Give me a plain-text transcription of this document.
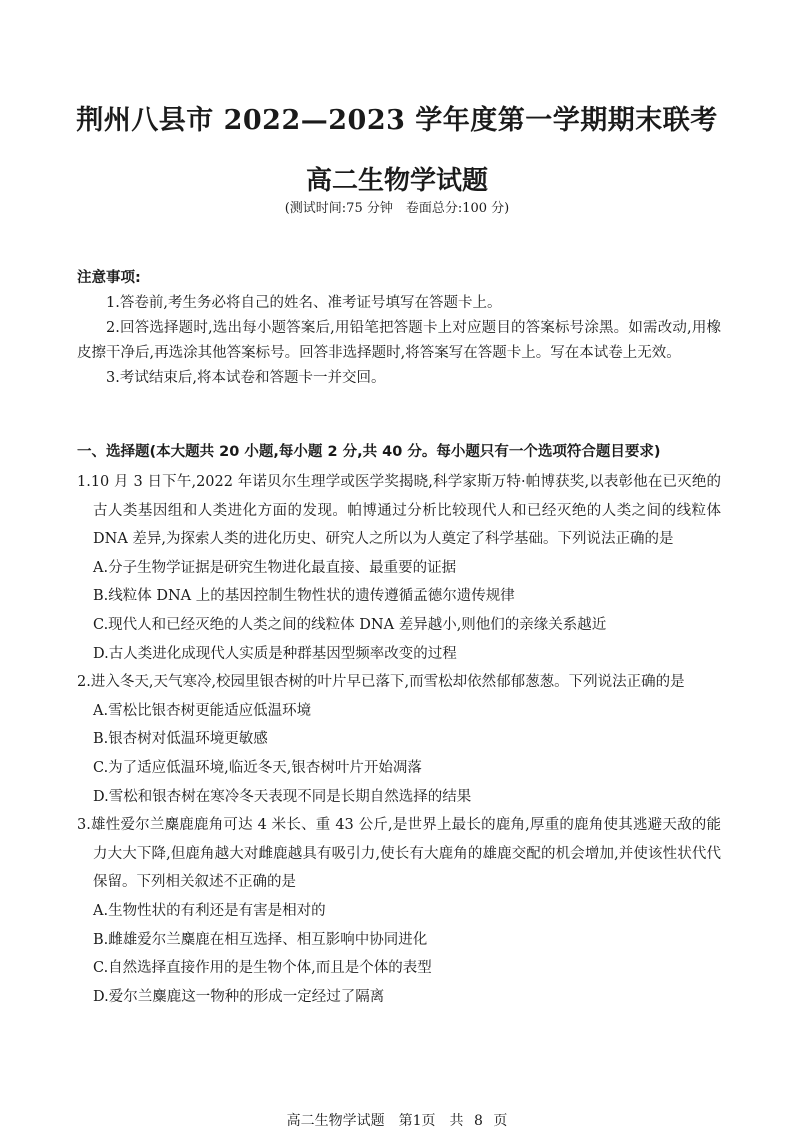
荆州八县市 2022—2023 学年度第一学期期末联考
高二生物学试题
(测试时间:75 分钟　卷面总分:100 分)
注意事项:

1.答卷前,考生务必将自己的姓名、准考证号填写在答题卡上。

2.回答选择题时,选出每小题答案后,用铅笔把答题卡上对应题目的答案标号涂黑。如需改动,用橡皮擦干净后,再选涂其他答案标号。回答非选择题时,将答案写在答题卡上。写在本试卷上无效。

3.考试结束后,将本试卷和答题卡一并交回。

一、选择题(本大题共 20 小题,每小题 2 分,共 40 分。每小题只有一个选项符合题目要求)
1.10 月 3 日下午,2022 年诺贝尔生理学或医学奖揭晓,科学家斯万特·帕博获奖,以表彰他在已灭绝的古人类基因组和人类进化方面的发现。帕博通过分析比较现代人和已经灭绝的人类之间的线粒体 DNA 差异,为探索人类的进化历史、研究人之所以为人奠定了科学基础。下列说法正确的是
A.分子生物学证据是研究生物进化最直接、最重要的证据
B.线粒体 DNA 上的基因控制生物性状的遗传遵循孟德尔遗传规律
C.现代人和已经灭绝的人类之间的线粒体 DNA 差异越小,则他们的亲缘关系越近
D.古人类进化成现代人实质是种群基因型频率改变的过程
2.进入冬天,天气寒冷,校园里银杏树的叶片早已落下,而雪松却依然郁郁葱葱。下列说法正确的是
A.雪松比银杏树更能适应低温环境
B.银杏树对低温环境更敏感
C.为了适应低温环境,临近冬天,银杏树叶片开始凋落
D.雪松和银杏树在寒冷冬天表现不同是长期自然选择的结果
3.雄性爱尔兰麋鹿鹿角可达 4 米长、重 43 公斤,是世界上最长的鹿角,厚重的鹿角使其逃避天敌的能力大大下降,但鹿角越大对雌鹿越具有吸引力,使长有大鹿角的雄鹿交配的机会增加,并使该性状代代保留。下列相关叙述不正确的是
A.生物性状的有利还是有害是相对的
B.雌雄爱尔兰麋鹿在相互选择、相互影响中协同进化
C.自然选择直接作用的是生物个体,而且是个体的表型
D.爱尔兰麋鹿这一物种的形成一定经过了隔离
高二生物学试题　第1页　共 8 页
